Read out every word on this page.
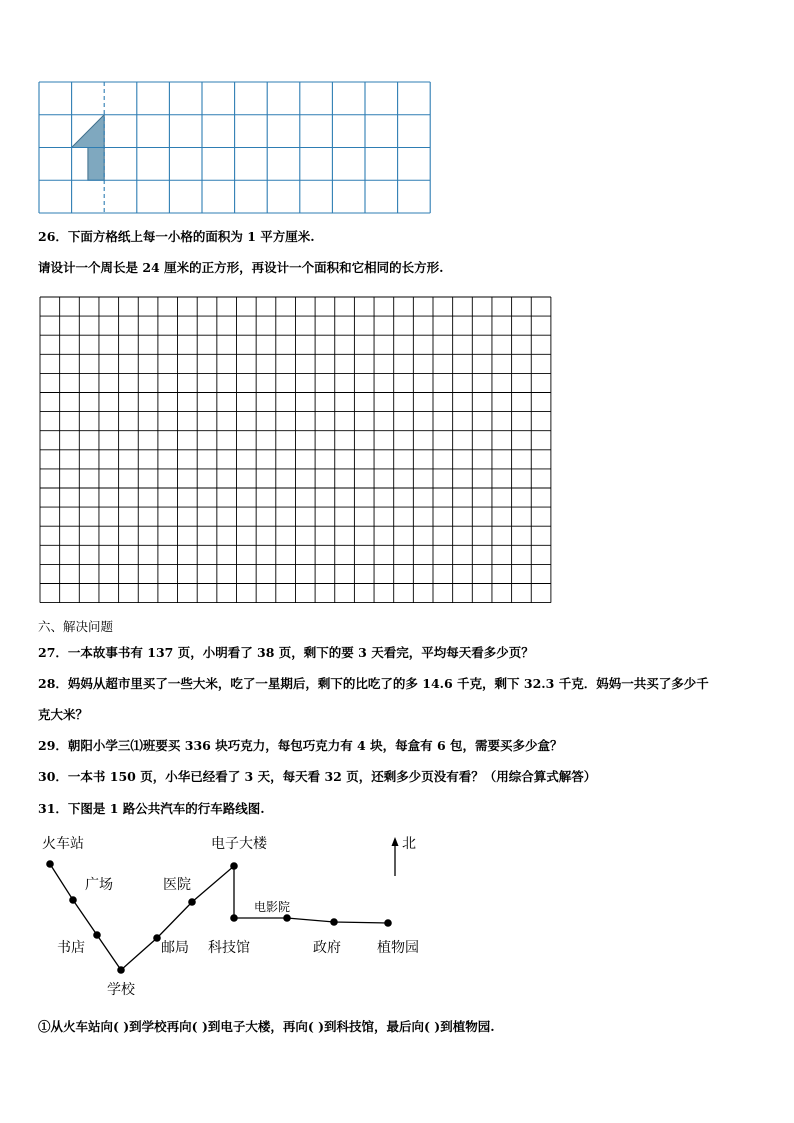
26．下面方格纸上每一小格的面积为 1 平方厘米.
请设计一个周长是 24 厘米的正方形，再设计一个面积和它相同的长方形.
六、解决问题
27．一本故事书有 137 页，小明看了 38 页，剩下的要 3 天看完，平均每天看多少页？
28．妈妈从超市里买了一些大米，吃了一星期后，剩下的比吃了的多 14.6 千克，剩下 32.3 千克．妈妈一共买了多少千
克大米？
29．朝阳小学三⑴班要买 336 块巧克力，每包巧克力有 4 块，每盒有 6 包，需要买多少盒？
30．一本书 150 页，小华已经看了 3 天，每天看 32 页，还剩多少页没有看？（用综合算式解答）
31．下图是 1 路公共汽车的行车路线图.
北
火车站
广场
书店
学校
邮局
医院
电子大楼
科技馆
电影院
政府	植物园
①从火车站向( )到学校再向( )到电子大楼，再向( )到科技馆，最后向( )到植物园.
